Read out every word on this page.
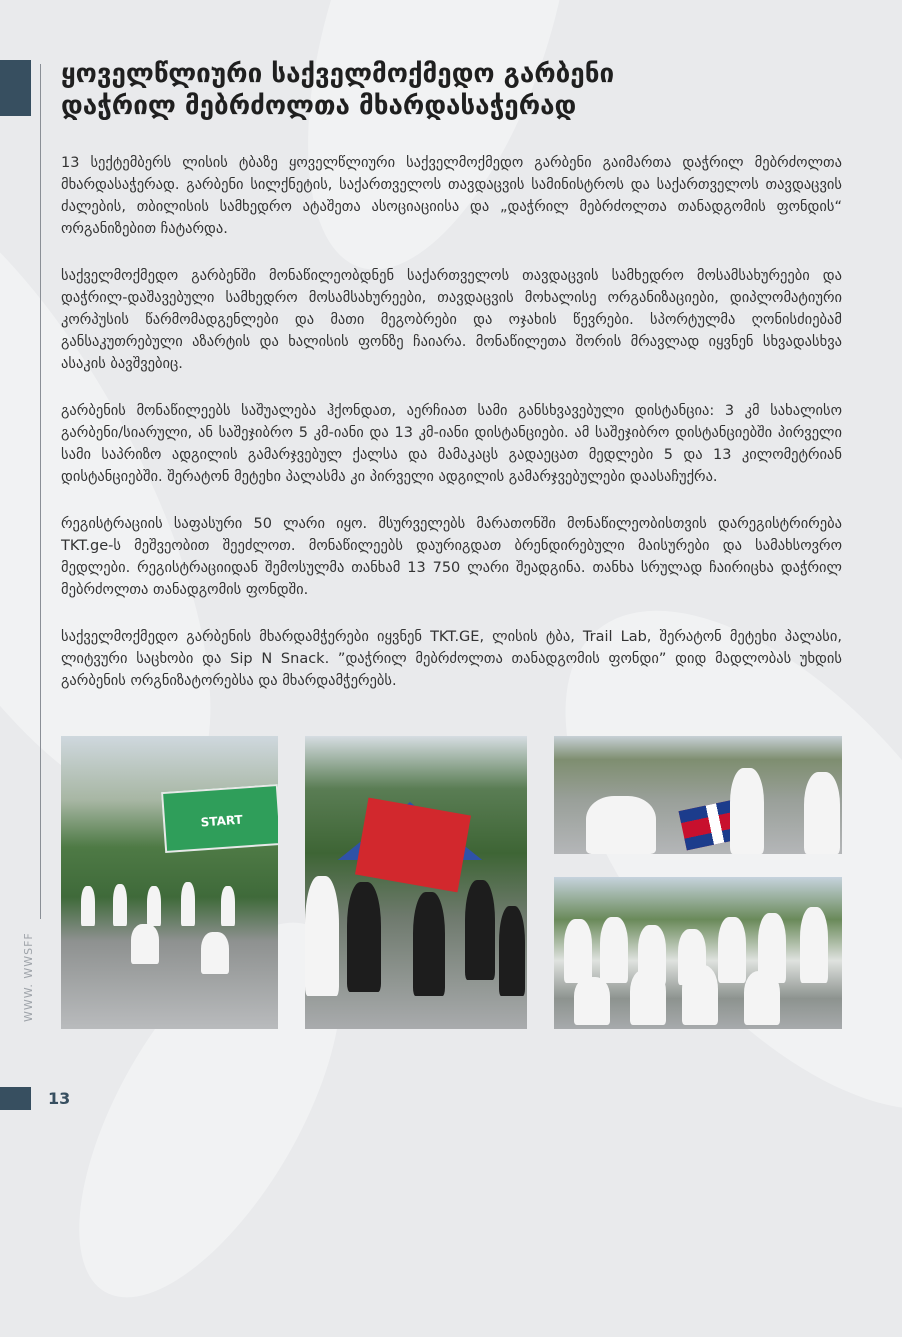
WWW. WWSFF
ყოველწლიური საქველმოქმედო გარბენი
დაჭრილ მებრძოლთა მხარდასაჭერად

13 სექტემბერს ლისის ტბაზე ყოველწლიური საქველმოქმედო გარბენი გაიმართა დაჭრილ მებრძოლთა მხარდასაჭერად. გარბენი სილქნეტის, საქართველოს თავდაცვის სამინისტროს და საქართველოს თავდაცვის ძალების, თბილისის სამხედრო ატაშეთა ასოციაციისა და „დაჭრილ მებრძოლთა თანადგომის ფონდის“ ორგანიზებით ჩატარდა.

საქველმოქმედო გარბენში მონაწილეობდნენ საქართველოს თავდაცვის სამხედრო მოსამსახურეები და დაჭრილ-დაშავებული სამხედრო მოსამსახურეები, თავდაცვის მოხალისე ორგანიზაციები, დიპლომატიური კორპუსის წარმომადგენლები და მათი მეგობრები და ოჯახის წევრები. სპორტულმა ღონისძიებამ განსაკუთრებული აზარტის და ხალისის ფონზე ჩაიარა. მონაწილეთა შორის მრავლად იყვნენ სხვადასხვა ასაკის ბავშვებიც.

გარბენის მონაწილეებს საშუალება ჰქონდათ, აერჩიათ სამი განსხვავებული დისტანცია: 3 კმ სახალისო გარბენი/სიარული, ან საშეჯიბრო 5 კმ-იანი და 13 კმ-იანი დისტანციები. ამ საშეჯიბრო დისტანციებში პირველი სამი საპრიზო ადგილის გამარჯვებულ ქალსა და მამაკაცს გადაეცათ მედლები 5 და 13 კილომეტრიან დისტანციებში. შერატონ მეტეხი პალასმა კი პირველი ადგილის გამარჯვებულები დაასაჩუქრა.

რეგისტრაციის საფასური 50 ლარი იყო. მსურველებს მარათონში მონაწილეობისთვის დარეგისტრირება TKT.ge-ს მეშვეობით შეეძლოთ. მონაწილეებს დაურიგდათ ბრენდირებული მაისურები და სამახსოვრო მედლები. რეგისტრაციიდან შემოსულმა თანხამ 13 750 ლარი შეადგინა. თანხა სრულად ჩაირიცხა დაჭრილ მებრძოლთა თანადგომის ფონდში.

საქველმოქმედო გარბენის მხარდამჭერები იყვნენ TKT.GE, ლისის ტბა, Trail Lab, შერატონ მეტეხი პალასი, ლიტვური საცხობი და Sip N Snack. ”დაჭრილ მებრძოლთა თანადგომის ფონდი” დიდ მადლობას უხდის გარბენის ორგნიზატორებსა და მხარდამჭერებს.

START
13
